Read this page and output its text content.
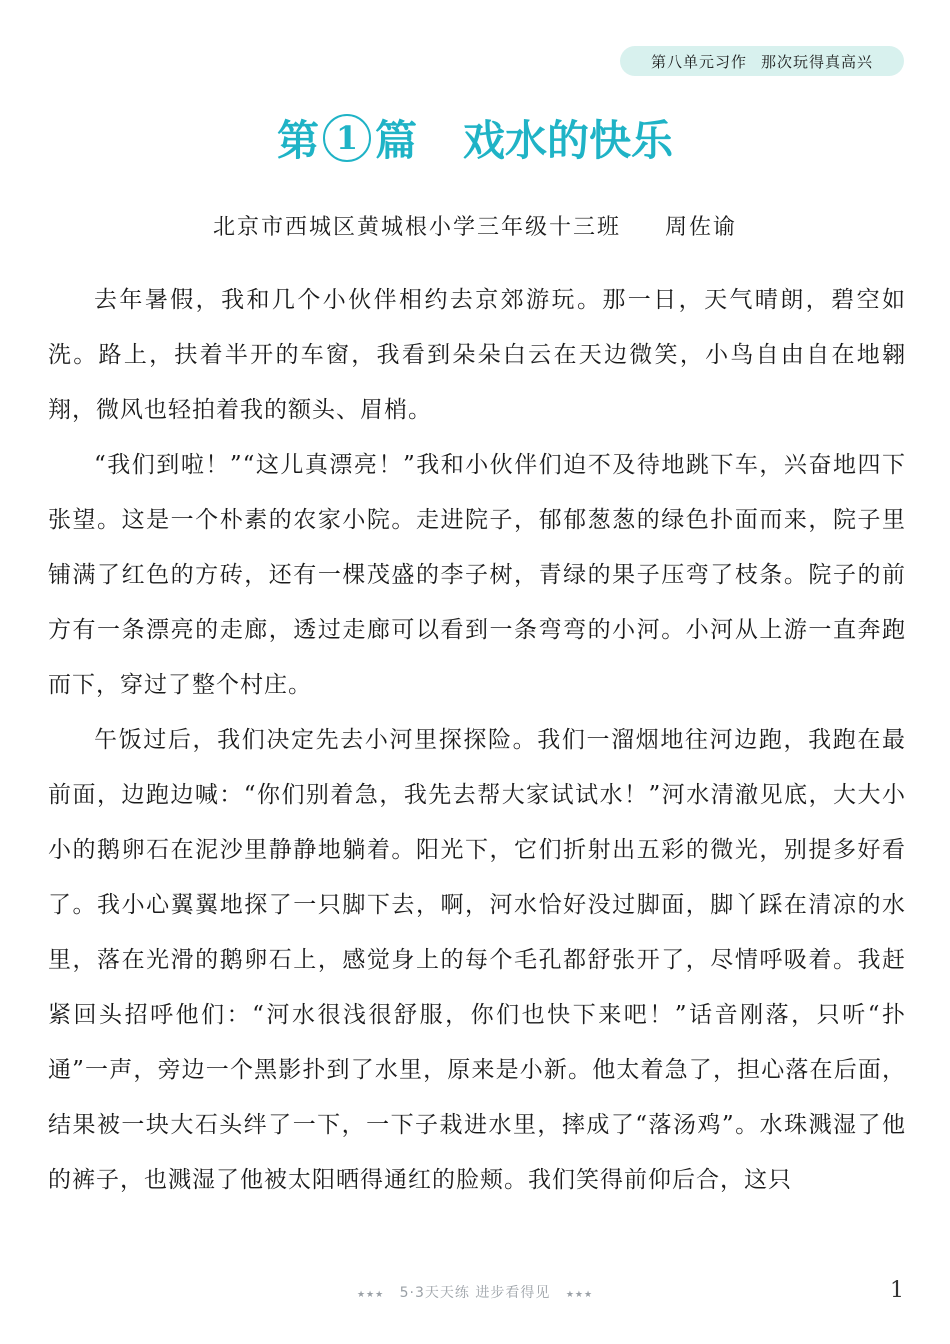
第八单元习作 那次玩得真高兴
第 1 篇 戏水的快乐
北京市西城区黄城根小学三年级十三班 周佐谕

去年暑假，我和几个小伙伴相约去京郊游玩。那一日，天气晴朗，碧空如洗。路上，扶着半开的车窗，我看到朵朵白云在天边微笑，小鸟自由自在地翱翔，微风也轻拍着我的额头、眉梢。

“我们到啦！”“这儿真漂亮！”我和小伙伴们迫不及待地跳下车，兴奋地四下张望。这是一个朴素的农家小院。走进院子，郁郁葱葱的绿色扑面而来，院子里铺满了红色的方砖，还有一棵茂盛的李子树，青绿的果子压弯了枝条。院子的前方有一条漂亮的走廊，透过走廊可以看到一条弯弯的小河。小河从上游一直奔跑而下，穿过了整个村庄。

午饭过后，我们决定先去小河里探探险。我们一溜烟地往河边跑，我跑在最前面，边跑边喊：“你们别着急，我先去帮大家试试水！”河水清澈见底，大大小小的鹅卵石在泥沙里静静地躺着。阳光下，它们折射出五彩的微光，别提多好看了。我小心翼翼地探了一只脚下去，啊，河水恰好没过脚面，脚丫踩在清凉的水里，落在光滑的鹅卵石上，感觉身上的每个毛孔都舒张开了，尽情呼吸着。我赶紧回头招呼他们：“河水很浅很舒服，你们也快下来吧！”话音刚落，只听“扑通”一声，旁边一个黑影扑到了水里，原来是小新。他太着急了，担心落在后面，结果被一块大石头绊了一下，一下子栽进水里，摔成了“落汤鸡”。水珠溅湿了他的裤子，也溅湿了他被太阳晒得通红的脸颊。我们笑得前仰后合，这只

★★★ 5·3天天练 进步看得见 ★★★	1
